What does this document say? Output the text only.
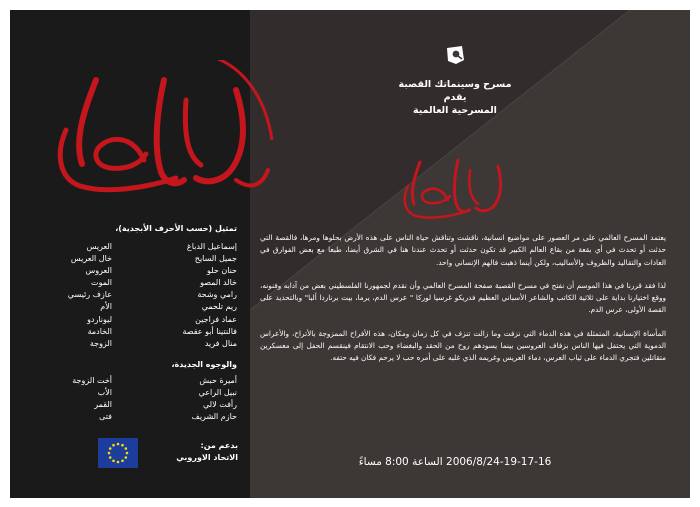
عرس الدم
مسرح وسينماتك القصبة
يقدم
المسرحية العالمية

يعتمد المسرح العالمي على مر العصور على مواضيع انسانية، ناقشت وتناقش حياة الناس على هذه الأرض بحلوها ومرها، فالقصة التي حدثت أو تحدث في أي بقعة من بقاع العالم الكبير قد تكون حدثت أو تحدث عندنا هنا في الشرق أيضا، طبعا مع بعض الفوارق في العادات والتقاليد والظروف والأساليب، ولكن أينما ذهبت فالهم الإنساني واحد.

لذا فقد قررنا في هذا الموسم أن نفتح في مسرح القصبة صفحة المسرح العالمي وأن نقدم لجمهورنا الفلسطيني بعض من آدابه وفنونه، ووقع اختيارنا بداية على ثلاثية الكاتب والشاعر الأسباني العظيم فدريكو غرسيا لوركا " عرس الدم، يرما، بيت برناردا ألبا" وبالتحديد على القصة الأولى، عرس الدم.

المأساة الإنسانية، المتمثلة في هذه الدماء التي نزفت وما زالت تنزف في كل زمان ومكان، هذه الأفراح الممزوجة بالأتراح، والأعراس الدموية التي يحتفل فيها الناس بزفاف العروسين بينما يسودهم روح من الحقد والبغضاء وحب الانتقام فينقسم الحفل إلى معسكرين متقاتلين فتجري الدماء على ثياب العرس، دماء العريس وغريمه الذي غلبه على أمره حب لا يرحم فكان فيه حتفه.

2006/8/24-19-17-16 الساعة 8:00 مساءً
تمثيل (حسب الأحرف الأبجدية)،
إسماعيل الدباغ
العريس
جميل السايح
خال العريس
حنان حلو
العروس
خالد المصو
الموت
رامي وشحة
عازف رئيسي
ريم تلحمي
الأم
عماد فراجين
ليوناردو
فالنتينا أبو عقصة
الخادمة
منال فريد
الزوجة
والوجوه الجديدة،
أميرة حبش
أخت الزوجة
نبيل الراعي
الأب
رأفت لالي
القمر
حازم الشريف
فتى
بدعم من:
الاتحاد الاوروبي
